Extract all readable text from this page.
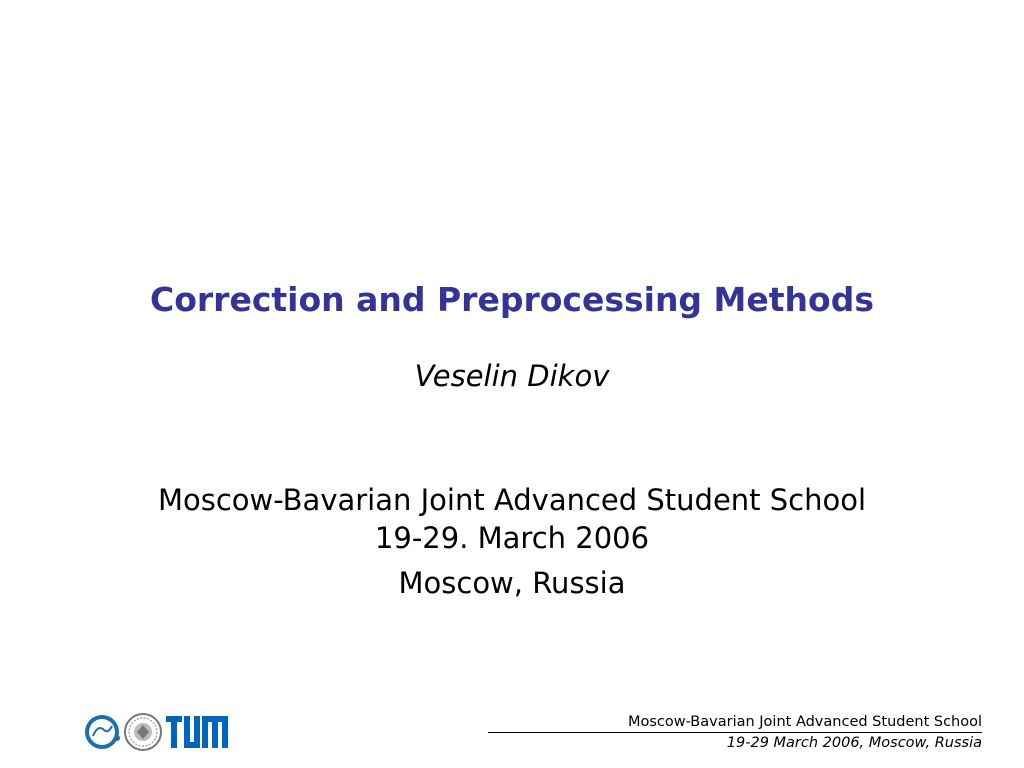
Correction and Preprocessing Methods
Veselin Dikov
Moscow-Bavarian Joint Advanced Student School
19-29. March 2006
Moscow, Russia
Moscow-Bavarian Joint Advanced Student School
19-29 March 2006, Moscow, Russia
